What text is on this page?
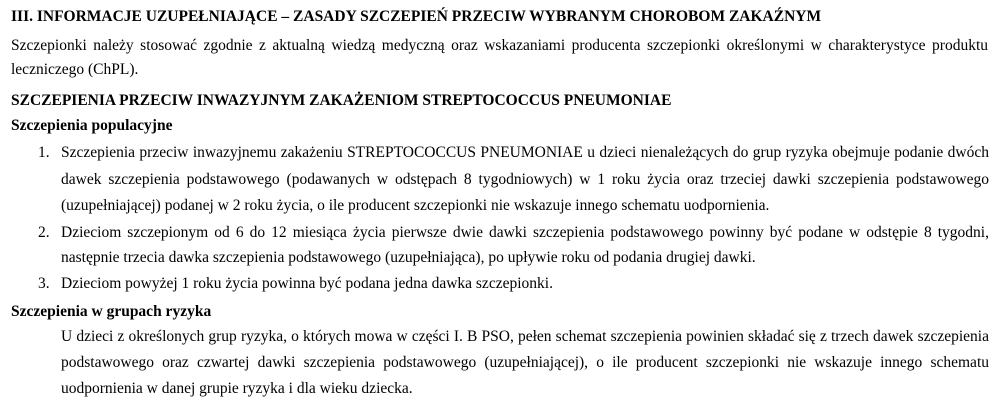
III. INFORMACJE UZUPEŁNIAJĄCE – ZASADY SZCZEPIEŃ PRZECIW WYBRANYM CHOROBOM ZAKAŹNYM
Szczepionki należy stosować zgodnie z aktualną wiedzą medyczną oraz wskazaniami producenta szczepionki określonymi w charakterystyce produktu
leczniczego (ChPL).
SZCZEPIENIA PRZECIW INWAZYJNYM ZAKAŻENIOM STREPTOCOCCUS PNEUMONIAE
Szczepienia populacyjne
1. Szczepienia przeciw inwazyjnemu zakażeniu STREPTOCOCCUS PNEUMONIAE u dzieci nienależących do grup ryzyka obejmuje podanie dwóch
dawek szczepienia podstawowego (podawanych w odstępach 8 tygodniowych) w 1 roku życia oraz trzeciej dawki szczepienia podstawowego
(uzupełniającej) podanej w 2 roku życia, o ile producent szczepionki nie wskazuje innego schematu uodpornienia.
2. Dzieciom szczepionym od 6 do 12 miesiąca życia pierwsze dwie dawki szczepienia podstawowego powinny być podane w odstępie 8 tygodni,
następnie trzecia dawka szczepienia podstawowego (uzupełniająca), po upływie roku od podania drugiej dawki.
3. Dzieciom powyżej 1 roku życia powinna być podana jedna dawka szczepionki.
Szczepienia w grupach ryzyka
U dzieci z określonych grup ryzyka, o których mowa w części I. B PSO, pełen schemat szczepienia powinien składać się z trzech dawek szczepienia
podstawowego oraz czwartej dawki szczepienia podstawowego (uzupełniającej), o ile producent szczepionki nie wskazuje innego schematu
uodpornienia w danej grupie ryzyka i dla wieku dziecka.
